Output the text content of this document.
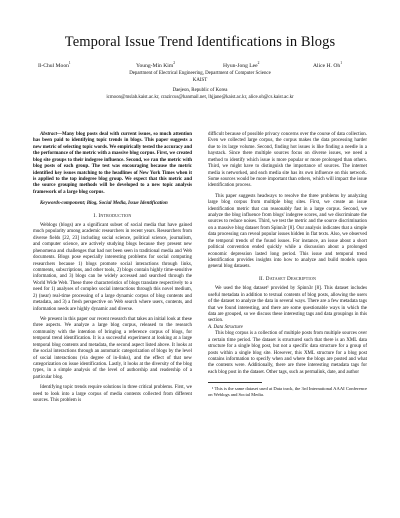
Temporal Issue Trend Identifications in Blogs
Il-Chul Moon$^1$	Young-Min Kim$^2$	Hyun-Jong Lee$^2$	Alice H. Oh$^1$
Department of Electrical Engineering, Department of Computer Science
KAIST
Daejeon, Republic of Korea
icmoon@mslab.kaist.ac.kr, crazircus@hanmail.net, lhjjane@kaist.ac.kr, alice.oh@cs.kaist.ac.kr

Abstract—Many blog posts deal with current issues, so much attention has been paid to identifying topic trends in blogs. This paper suggests a new metric of selecting topic words. We empirically tested the accuracy and the performance of the metric with a massive blog corpus. First, we created blog site groups to their indegree influence. Second, we ran the metric with blog posts of each group. The test was encouraging because the metric identified key issues matching to the headlines of New York Times when it is applied to the top indegree blog group. We expect that this metric and the source grouping methods will be developed to a new topic analysis framework of a large blog corpus.

Keywords-component; Blog, Social Media, Issue Identification

I. Introduction

Weblogs (blogs) are a significant subset of social media that have gained much popularity among academic researchers in recent years. Researchers from diverse fields [22, 23] including social science, political science, journalism, and computer science, are actively studying blogs because they present new phenomena and challenges that had not been seen in traditional media and Web documents. Blogs pose especially interesting problems for social computing researchers because 1) blogs promote social interactions through links, comments, subscriptions, and other tools, 2) blogs contain highly time-sensitive information, and 3) blogs can be widely accessed and searched through the World Wide Web. These three characteristics of blogs translate respectively to a need for 1) analyses of complex social interactions through this novel medium, 2) (near) real-time processing of a large dynamic corpus of blog contents and metadata, and 3) a fresh perspective on Web search where users, contents, and information needs are highly dynamic and diverse.

We present in this paper our recent research that takes an initial look at these three aspects. We analyze a large blog corpus, released to the research community with the intention of bringing a reference corpus of blogs, for temporal trend identification. It is a successful experiment at looking at a large temporal blog contents and metadata, the second aspect listed above. It looks at the social interactions through an automatic categorization of blogs by the level of social interactions (via degree of in-links), and the effect of that new categorization on issue identification. Lastly, it looks at the diversity of the blog types, in a simple analysis of the level of authorship and readership of a particular blog.

Identifying topic trends require solutions in three critical problems. First, we need to look into a large corpus of media contents collected from different sources. This problem is

difficult because of possible privacy concerns over the course of data collection. Even we collected large corpus, the corpus makes the data processing harder due to its large volume. Second, finding hot issues is like finding a needle in a haystack. Since there multiple sources focus on diverse issues, we need a method to identify which issue is more popular or more prolonged than others. Third, we might have to distinguish the importance of sources. The internet media is networked, and each media site has its own influence on this network. Some sources would be more important than others, which will impact the issue identification process.

This paper suggests headways to resolve the three problems by analyzing large blog corpus from multiple blog sites. First, we create an issue identification metric that can reasonably fast in a large corpus. Second, we analyze the blog influence from blogs' indegree scores, and we discriminate the sources to reduce noises. Third, we test the metric and the source discrimination on a massive blog dataset from Spinn3r [8]. Our analysis indicates that a simple data processing can reveal popular issues hidden in flat texts. Also, we observed the temporal trends of the found issues. For instance, an issue about a short political convention ended quickly while a discussion about a prolonged economic depression lasted long period. This issue and temporal trend identification provides insights into how to analyze and build models upon general blog datasets.

II. Dataset Description

We used the blog dataset¹ provided by Spinn3r [8]. This dataset includes useful metadata in addition to textual contents of blog posts, allowing the users of the dataset to analyze the data in several ways. There are a few metadata tags that we found interesting, and there are some questionable ways in which the data are grouped, so we discuss these interesting tags and data groupings in this section.

A. Data Structure

This blog corpus is a collection of multiple posts from multiple sources over a certain time period. The dataset is structured such that there is an XML data structure for a single blog post, but not a specific data structure for a group of posts within a single blog site. However, this XML structure for a blog post contains information to specify when and where the blogs are posted and what the contents were. Additionally, there are three interesting metadata tags for each blog post in the dataset. Other tags, such as permalink, date, and author

¹ This is the same dataset used at Data track, the 3rd International AAAI Conference on Weblogs and Social Media.
